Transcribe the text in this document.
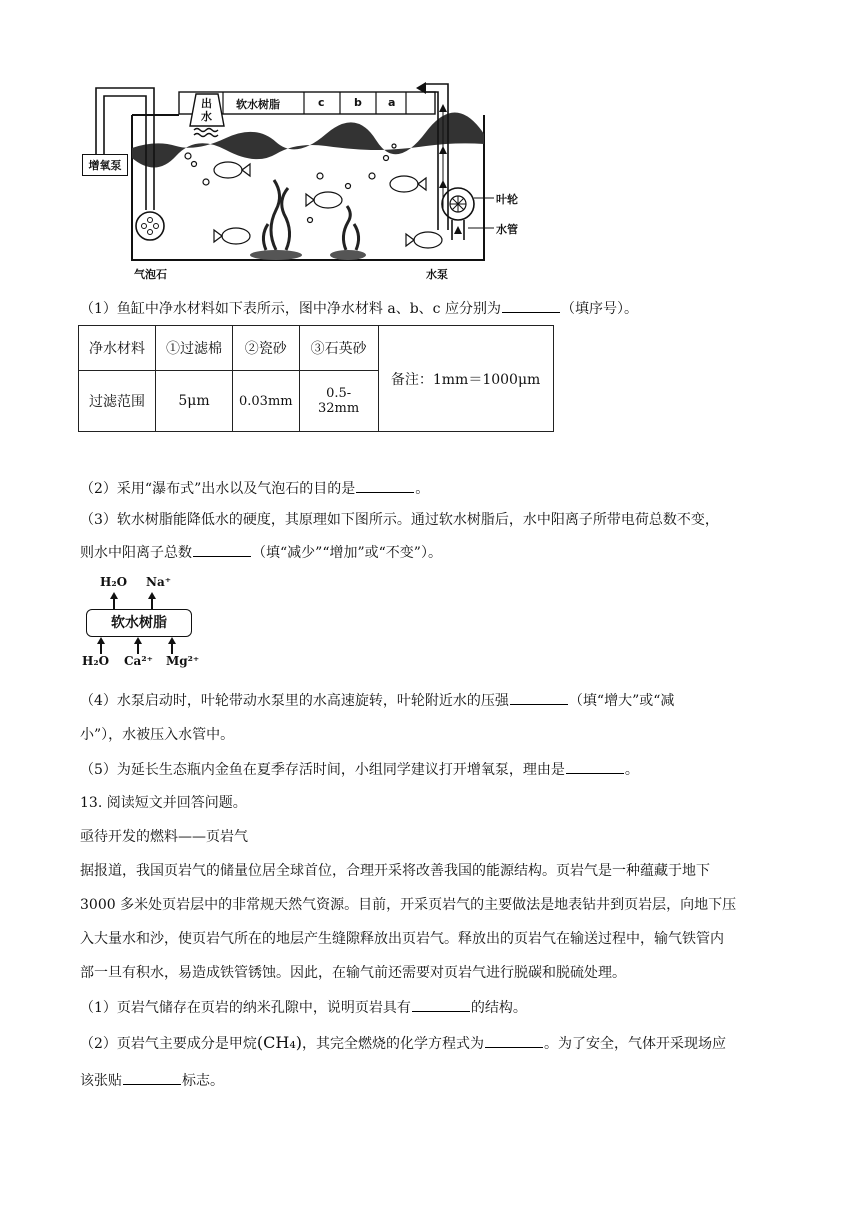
增氧泵
出
水
软水树脂	c	b a
叶轮
水管
气泡石	水泵
（1）鱼缸中净水材料如下表所示，图中净水材料 a、b、c 应分别为	（填序号）。
净水材料	①过滤棉	②瓷砂	③石英砂	备注：1mm＝1000μm
过滤范围	5μm	0.03mm	0.5-32mm	
（2）采用“瀑布式”出水以及气泡石的目的是	。
（3）软水树脂能降低水的硬度，其原理如下图所示。通过软水树脂后，水中阳离子所带电荷总数不变，
则水中阳离子总数	（填“减少”“增加”或“不变”）。
H₂O Na⁺
软水树脂
H₂O Ca²⁺ Mg²⁺
（4）水泵启动时，叶轮带动水泵里的水高速旋转，叶轮附近水的压强	（填“增大”或“减
小”），水被压入水管中。
（5）为延长生态瓶内金鱼在夏季存活时间，小组同学建议打开增氧泵，理由是	。
13. 阅读短文并回答问题。
亟待开发的燃料——页岩气
据报道，我国页岩气的储量位居全球首位，合理开采将改善我国的能源结构。页岩气是一种蕴藏于地下
3000 多米处页岩层中的非常规天然气资源。目前，开采页岩气的主要做法是地表钻井到页岩层，向地下压
入大量水和沙，使页岩气所在的地层产生缝隙释放出页岩气。释放出的页岩气在输送过程中，输气铁管内
部一旦有积水，易造成铁管锈蚀。因此，在输气前还需要对页岩气进行脱碳和脱硫处理。
（1）页岩气储存在页岩的纳米孔隙中，说明页岩具有	的结构。
（2）页岩气主要成分是甲烷(CH₄)，其完全燃烧的化学方程式为	。为了安全，气体开采现场应
该张贴	标志。
